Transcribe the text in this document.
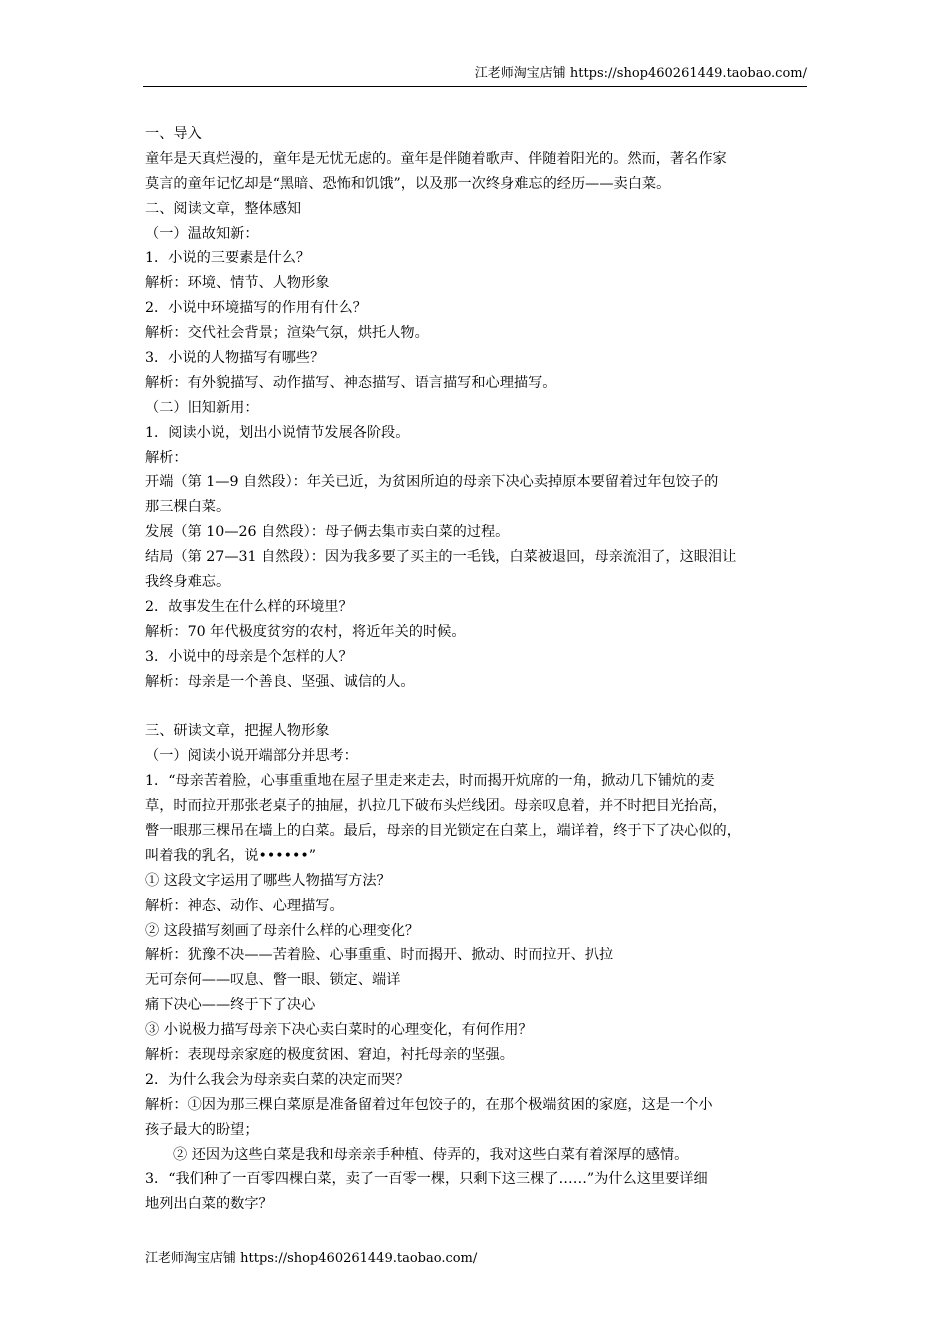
江老师淘宝店铺 https://shop460261449.taobao.com/
一、导入
童年是天真烂漫的，童年是无忧无虑的。童年是伴随着歌声、伴随着阳光的。然而，著名作家
莫言的童年记忆却是“黑暗、恐怖和饥饿”，以及那一次终身难忘的经历——卖白菜。
二、阅读文章，整体感知
（一）温故知新：
1．小说的三要素是什么？
解析：环境、情节、人物形象
2．小说中环境描写的作用有什么？
解析：交代社会背景；渲染气氛，烘托人物。
3．小说的人物描写有哪些？
解析：有外貌描写、动作描写、神态描写、语言描写和心理描写。
（二）旧知新用：
1．阅读小说，划出小说情节发展各阶段。
解析：
开端（第 1—9 自然段）：年关已近，为贫困所迫的母亲下决心卖掉原本要留着过年包饺子的
那三棵白菜。
发展（第 10—26 自然段）：母子俩去集市卖白菜的过程。
结局（第 27—31 自然段）：因为我多要了买主的一毛钱，白菜被退回，母亲流泪了，这眼泪让
我终身难忘。
2．故事发生在什么样的环境里？
解析：70 年代极度贫穷的农村，将近年关的时候。
3．小说中的母亲是个怎样的人？
解析：母亲是一个善良、坚强、诚信的人。
三、研读文章，把握人物形象
（一）阅读小说开端部分并思考：
1．“母亲苦着脸，心事重重地在屋子里走来走去，时而揭开炕席的一角，掀动几下铺炕的麦
草，时而拉开那张老桌子的抽屉，扒拉几下破布头烂线团。母亲叹息着，并不时把目光抬高，
瞥一眼那三棵吊在墙上的白菜。最后，母亲的目光锁定在白菜上，端详着，终于下了决心似的，
叫着我的乳名，说••••••”
① 这段文字运用了哪些人物描写方法？
解析：神态、动作、心理描写。
② 这段描写刻画了母亲什么样的心理变化？
解析：犹豫不决——苦着脸、心事重重、时而揭开、掀动、时而拉开、扒拉
无可奈何——叹息、瞥一眼、锁定、端详
痛下决心——终于下了决心
③ 小说极力描写母亲下决心卖白菜时的心理变化，有何作用？
解析：表现母亲家庭的极度贫困、窘迫，衬托母亲的坚强。
2．为什么我会为母亲卖白菜的决定而哭？
解析：①因为那三棵白菜原是准备留着过年包饺子的，在那个极端贫困的家庭，这是一个小
孩子最大的盼望；
② 还因为这些白菜是我和母亲亲手种植、侍弄的，我对这些白菜有着深厚的感情。
3．“我们种了一百零四棵白菜，卖了一百零一棵，只剩下这三棵了……”为什么这里要详细
地列出白菜的数字？
江老师淘宝店铺 https://shop460261449.taobao.com/
